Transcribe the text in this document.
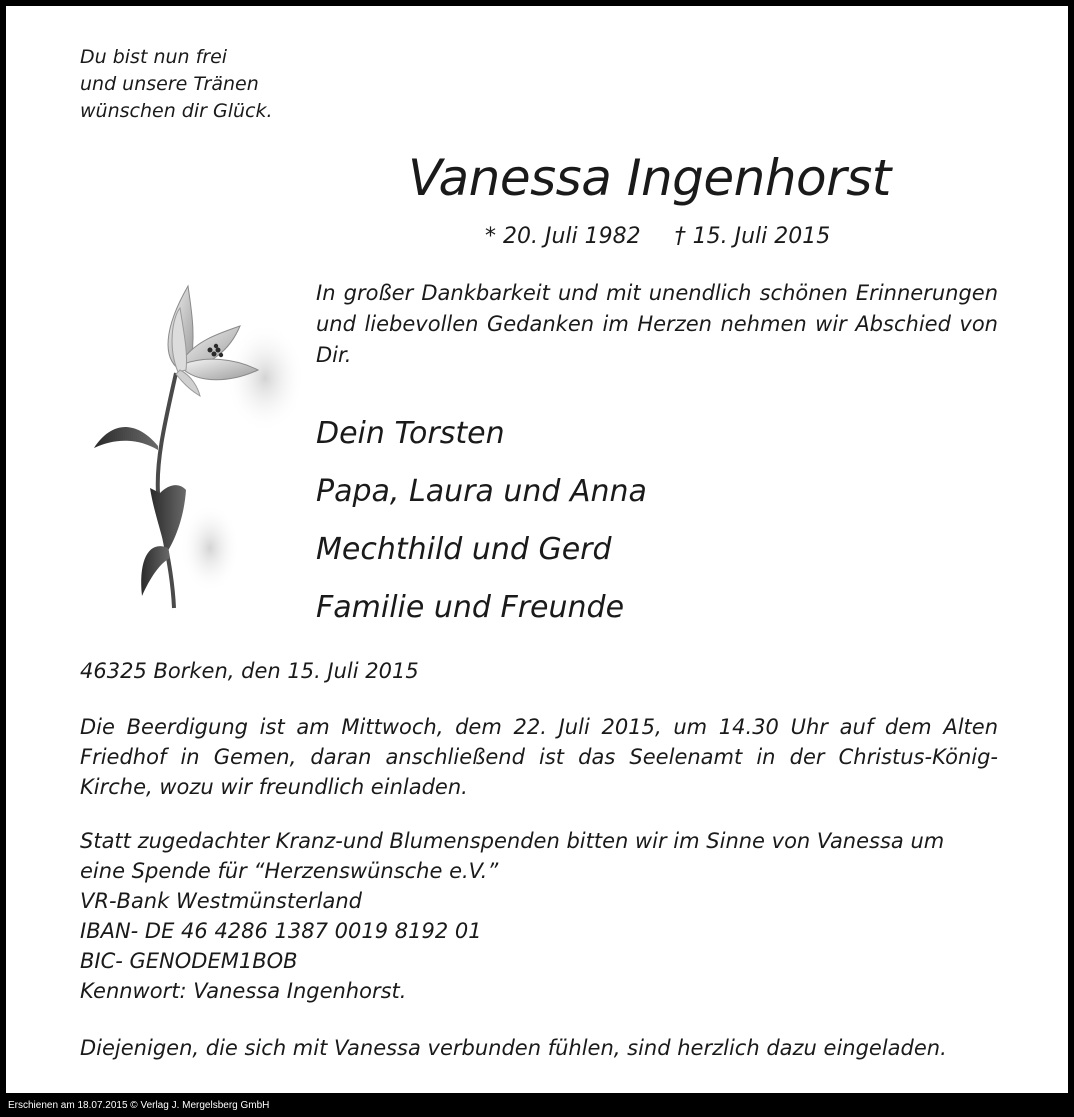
Du bist nun frei
und unsere Tränen
wünschen dir Glück.
Vanessa Ingenhorst
* 20. Juli 1982 † 15. Juli 2015
In großer Dankbarkeit und mit unendlich schönen Erinnerungen und liebevollen Gedanken im Herzen nehmen wir Abschied von Dir.
Dein Torsten
Papa, Laura und Anna
Mechthild und Gerd
Familie und Freunde
46325 Borken, den 15. Juli 2015
Die Beerdigung ist am Mittwoch, dem 22. Juli 2015, um 14.30 Uhr auf dem Alten Friedhof in Gemen, daran anschließend ist das Seelenamt in der Christus-König- Kirche, wozu wir freundlich einladen.
Statt zugedachter Kranz-und Blumenspenden bitten wir im Sinne von Vanessa um
eine Spende für “Herzenswünsche e.V.”
VR-Bank Westmünsterland
IBAN- DE 46 4286 1387 0019 8192 01
BIC- GENODEM1BOB
Kennwort: Vanessa Ingenhorst.
Diejenigen, die sich mit Vanessa verbunden fühlen, sind herzlich dazu eingeladen.
Erschienen am 18.07.2015 © Verlag J. Mergelsberg GmbH
